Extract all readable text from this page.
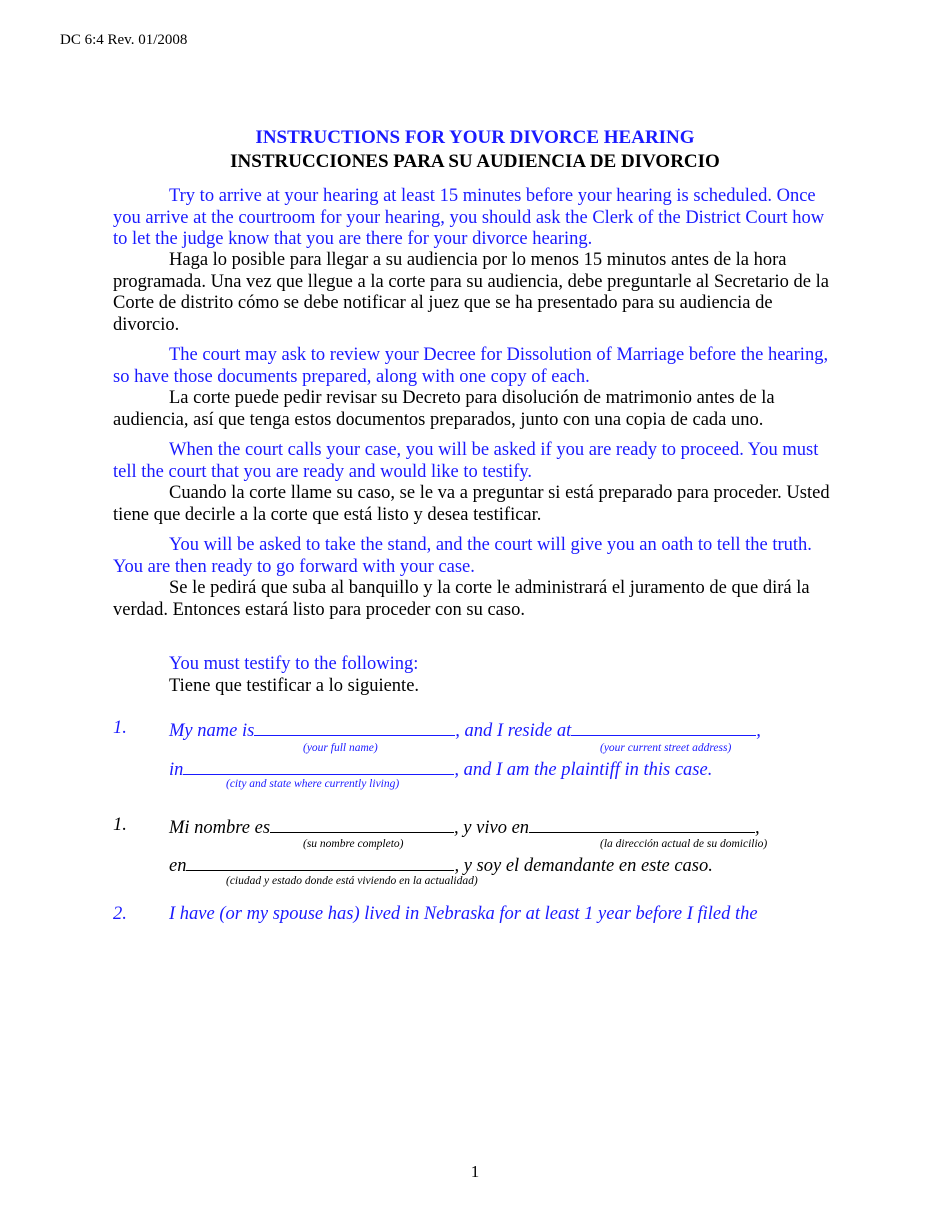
DC 6:4 Rev. 01/2008
INSTRUCTIONS FOR YOUR DIVORCE HEARING
INSTRUCCIONES PARA SU AUDIENCIA DE DIVORCIO

Try to arrive at your hearing at least 15 minutes before your hearing is scheduled. Once you arrive at the courtroom for your hearing, you should ask the Clerk of the District Court how to let the judge know that you are there for your divorce hearing.

Haga lo posible para llegar a su audiencia por lo menos 15 minutos antes de la hora programada. Una vez que llegue a la corte para su audiencia, debe preguntarle al Secretario de la Corte de distrito cómo se debe notificar al juez que se ha presentado para su audiencia de divorcio.

The court may ask to review your Decree for Dissolution of Marriage before the hearing, so have those documents prepared, along with one copy of each.

La corte puede pedir revisar su Decreto para disolución de matrimonio antes de la audiencia, así que tenga estos documentos preparados, junto con una copia de cada uno.

When the court calls your case, you will be asked if you are ready to proceed. You must tell the court that you are ready and would like to testify.

Cuando la corte llame su caso, se le va a preguntar si está preparado para proceder. Usted tiene que decirle a la corte que está listo y desea testificar.

You will be asked to take the stand, and the court will give you an oath to tell the truth. You are then ready to go forward with your case.

Se le pedirá que suba al banquillo y la corte le administrará el juramento de que dirá la verdad. Entonces estará listo para proceder con su caso.

You must testify to the following:
Tiene que testificar a lo siguiente.
1. My name is	, and I reside at	,
(your full name)	(your current street address)
in	, and I am the plaintiff in this case.
(city and state where currently living)
1. Mi nombre es	, y vivo en	,
(su nombre completo)	(la dirección actual de su domicilio)
en	, y soy el demandante en este caso.
(ciudad y estado donde está viviendo en la actualidad)
2. I have (or my spouse has) lived in Nebraska for at least 1 year before I filed the
1
